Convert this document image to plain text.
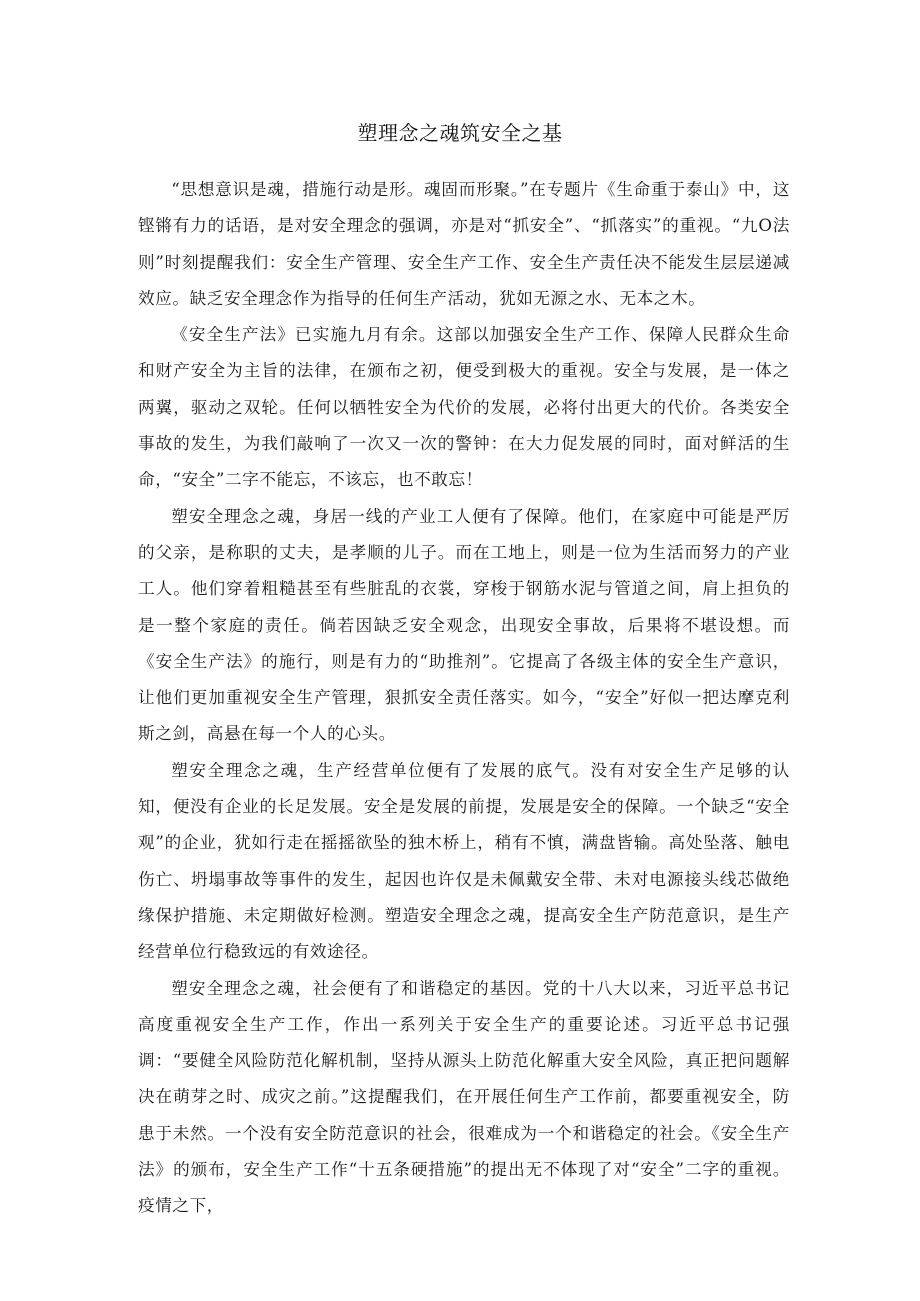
塑理念之魂筑安全之基

“思想意识是魂，措施行动是形。魂固而形聚。”在专题片《生命重于泰山》中，这铿锵有力的话语，是对安全理念的强调，亦是对“抓安全”、“抓落实”的重视。“九O法则”时刻提醒我们：安全生产管理、安全生产工作、安全生产责任决不能发生层层递减效应。缺乏安全理念作为指导的任何生产活动，犹如无源之水、无本之木。

《安全生产法》已实施九月有余。这部以加强安全生产工作、保障人民群众生命和财产安全为主旨的法律，在颁布之初，便受到极大的重视。安全与发展，是一体之两翼，驱动之双轮。任何以牺牲安全为代价的发展，必将付出更大的代价。各类安全事故的发生，为我们敲响了一次又一次的警钟：在大力促发展的同时，面对鲜活的生命，“安全”二字不能忘，不该忘，也不敢忘！

塑安全理念之魂，身居一线的产业工人便有了保障。他们，在家庭中可能是严厉的父亲，是称职的丈夫，是孝顺的儿子。而在工地上，则是一位为生活而努力的产业工人。他们穿着粗糙甚至有些脏乱的衣裳，穿梭于钢筋水泥与管道之间，肩上担负的是一整个家庭的责任。倘若因缺乏安全观念，出现安全事故，后果将不堪设想。而《安全生产法》的施行，则是有力的“助推剂”。它提高了各级主体的安全生产意识，让他们更加重视安全生产管理，狠抓安全责任落实。如今，“安全”好似一把达摩克利斯之剑，高悬在每一个人的心头。

塑安全理念之魂，生产经营单位便有了发展的底气。没有对安全生产足够的认知，便没有企业的长足发展。安全是发展的前提，发展是安全的保障。一个缺乏“安全观”的企业，犹如行走在摇摇欲坠的独木桥上，稍有不慎，满盘皆输。高处坠落、触电伤亡、坍塌事故等事件的发生，起因也许仅是未佩戴安全带、未对电源接头线芯做绝缘保护措施、未定期做好检测。塑造安全理念之魂，提高安全生产防范意识，是生产经营单位行稳致远的有效途径。

塑安全理念之魂，社会便有了和谐稳定的基因。党的十八大以来，习近平总书记高度重视安全生产工作，作出一系列关于安全生产的重要论述。习近平总书记强调：“要健全风险防范化解机制，坚持从源头上防范化解重大安全风险，真正把问题解决在萌芽之时、成灾之前。”这提醒我们，在开展任何生产工作前，都要重视安全，防患于未然。一个没有安全防范意识的社会，很难成为一个和谐稳定的社会。《安全生产法》的颁布，安全生产工作“十五条硬措施”的提出无不体现了对“安全”二字的重视。疫情之下，
